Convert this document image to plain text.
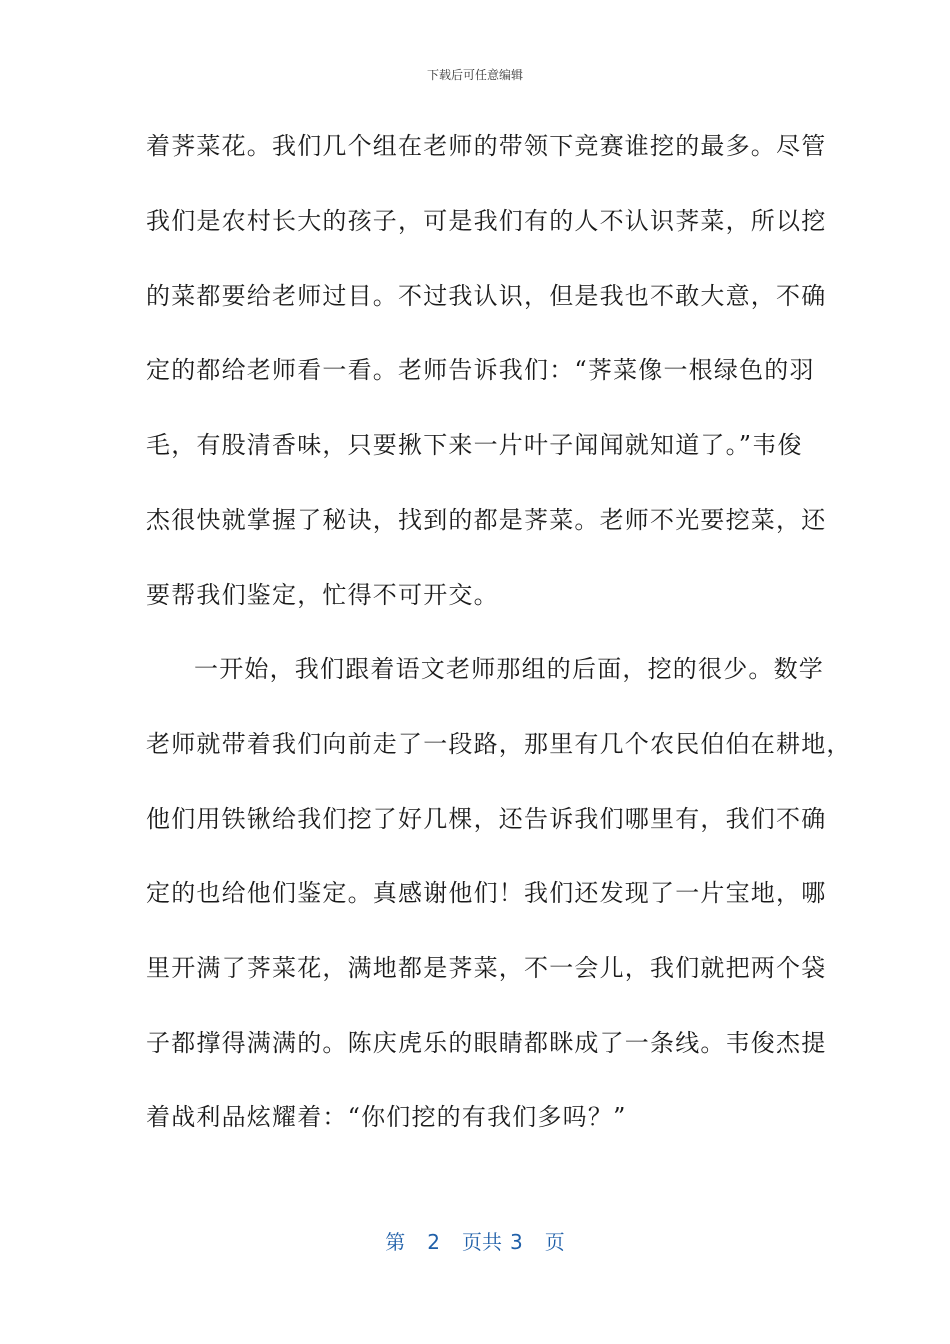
下载后可任意编辑
着荠菜花。我们几个组在老师的带领下竞赛谁挖的最多。尽管
我们是农村长大的孩子，可是我们有的人不认识荠菜，所以挖
的菜都要给老师过目。不过我认识，但是我也不敢大意，不确
定的都给老师看一看。老师告诉我们：“荠菜像一根绿色的羽
毛，有股清香味，只要揪下来一片叶子闻闻就知道了。”韦俊
杰很快就掌握了秘诀，找到的都是荠菜。老师不光要挖菜，还
要帮我们鉴定，忙得不可开交。
一开始，我们跟着语文老师那组的后面，挖的很少。数学
老师就带着我们向前走了一段路，那里有几个农民伯伯在耕地，
他们用铁锹给我们挖了好几棵，还告诉我们哪里有，我们不确
定的也给他们鉴定。真感谢他们！我们还发现了一片宝地，哪
里开满了荠菜花，满地都是荠菜，不一会儿，我们就把两个袋
子都撑得满满的。陈庆虎乐的眼睛都眯成了一条线。韦俊杰提
着战利品炫耀着：“你们挖的有我们多吗？”
第 2 页共 3 页
